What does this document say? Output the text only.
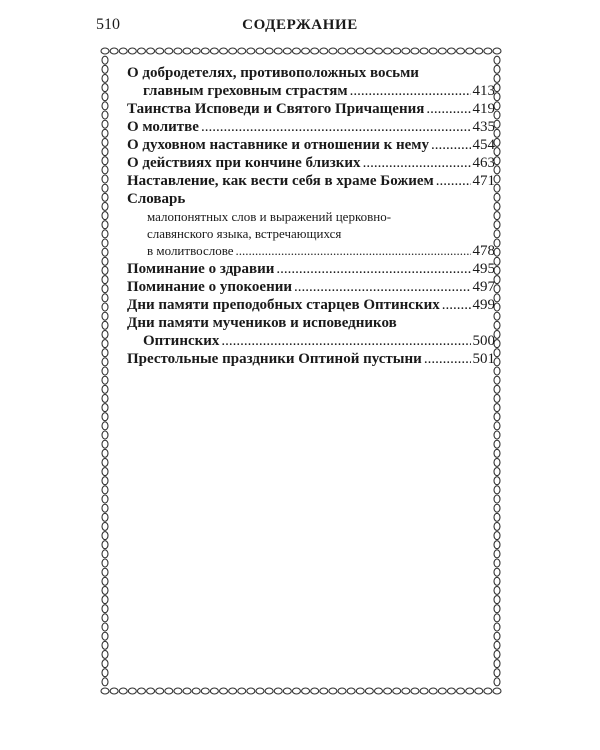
510	СОДЕРЖАНИЕ
О добродетелях, противоположных восьми
главным греховным страстям .....	413
Таинства Исповеди и Святого Причащения .....	419
О молитве .....	435
О духовном наставнике и отношении к нему .....	454
О действиях при кончине близких .....	463
Наставление, как вести себя в храме Божием .....	471
Словарь
малопонятных слов и выражений церковно-
славянского языка, встречающихся
в молитвослове .....	478
Поминание о здравии .....	495
Поминание о упокоении .....	497
Дни памяти преподобных старцев Оптинских ..... 499
Дни памяти мучеников и исповедников
Оптинских .....	500
Престольные праздники Оптиной пустыни .....	501
